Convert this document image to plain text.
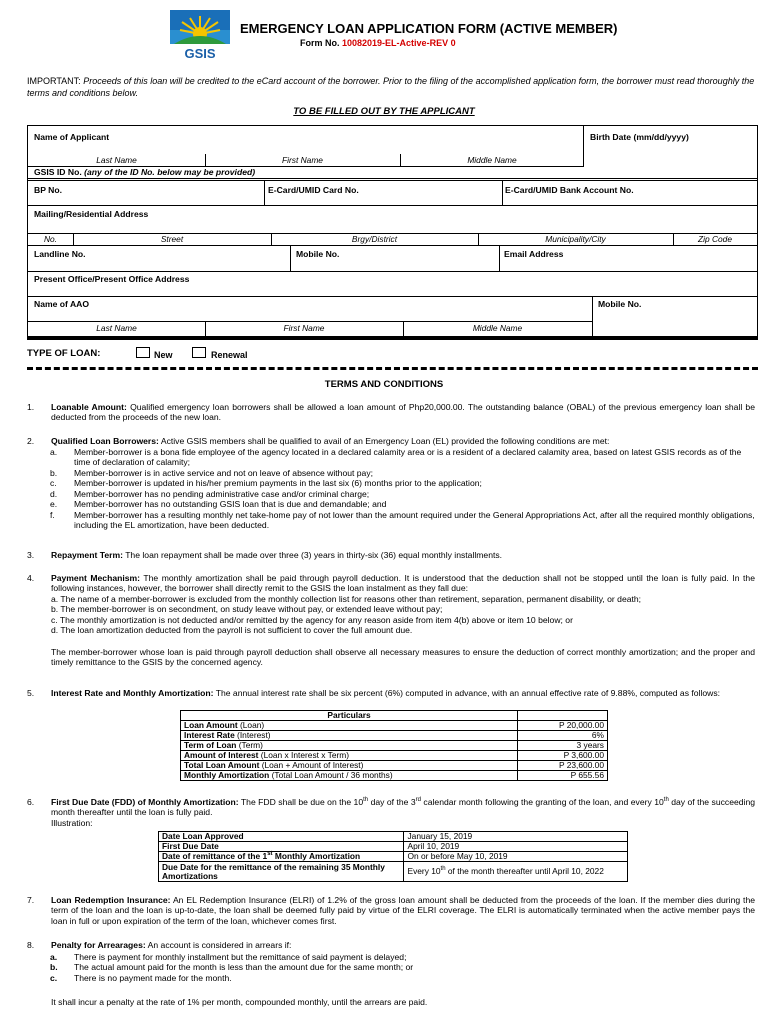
GSIS
EMERGENCY LOAN APPLICATION FORM (ACTIVE MEMBER)
Form No. 10082019-EL-Active-REV 0
IMPORTANT: Proceeds of this loan will be credited to the eCard account of the borrower. Prior to the filing of the accomplished application form, the borrower must read thoroughly the terms and conditions below.
TO BE FILLED OUT BY THE APPLICANT
Name of Applicant	Birth Date (mm/dd/yyyy)
Last Name	First Name	Middle Name
GSIS ID No. (any of the ID No. below may be provided)
BP No.	E-Card/UMID Card No.	E-Card/UMID Bank Account No.
Mailing/Residential Address
No.	Street	Brgy/District	Municipality/City	Zip Code
Landline No.	Mobile No.	Email Address
Present Office/Present Office Address
Name of AAO	Mobile No.
Last Name	First Name	Middle Name
TYPE OF LOAN:	New	Renewal
TERMS AND CONDITIONS
1. Loanable Amount: Qualified emergency loan borrowers shall be allowed a loan amount of Php20,000.00. The outstanding balance (OBAL) of the previous emergency loan shall be deducted from the proceeds of the new loan.
2. Qualified Loan Borrowers: Active GSIS members shall be qualified to avail of an Emergency Loan (EL) provided the following conditions are met:
a. Member-borrower is a bona fide employee of the agency located in a declared calamity area or is a resident of a declared calamity area, based on latest GSIS records as of the time of declaration of calamity;
b. Member-borrower is in active service and not on leave of absence without pay;
c. Member-borrower is updated in his/her premium payments in the last six (6) months prior to the application;
d. Member-borrower has no pending administrative case and/or criminal charge;
e. Member-borrower has no outstanding GSIS loan that is due and demandable; and
f. Member-borrower has a resulting monthly net take-home pay of not lower than the amount required under the General Appropriations Act, after all the required monthly obligations, including the EL amortization, have been deducted.
3. Repayment Term: The loan repayment shall be made over three (3) years in thirty-six (36) equal monthly installments.
4. Payment Mechanism: The monthly amortization shall be paid through payroll deduction. It is understood that the deduction shall not be stopped until the loan is fully paid. In the following instances, however, the borrower shall directly remit to the GSIS the loan instalment as they fall due:
a. The name of a member-borrower is excluded from the monthly collection list for reasons other than retirement, separation, permanent disability, or death;
b. The member-borrower is on secondment, on study leave without pay, or extended leave without pay;
c. The monthly amortization is not deducted and/or remitted by the agency for any reason aside from item 4(b) above or item 10 below; or
d. The loan amortization deducted from the payroll is not sufficient to cover the full amount due.
The member-borrower whose loan is paid through payroll deduction shall observe all necessary measures to ensure the deduction of correct monthly amortization; and the proper and timely remittance to the GSIS by the concerned agency.
5. Interest Rate and Monthly Amortization: The annual interest rate shall be six percent (6%) computed in advance, with an annual effective rate of 9.88%, computed as follows:
Particulars	
Loan Amount (Loan)	P 20,000.00
Interest Rate (Interest)	6%
Term of Loan (Term)	3 years
Amount of Interest (Loan x Interest x Term)	P 3,600.00
Total Loan Amount (Loan + Amount of Interest)	P 23,600.00
Monthly Amortization (Total Loan Amount / 36 months)	P 655.56
6. First Due Date (FDD) of Monthly Amortization: The FDD shall be due on the 10th day of the 3rd calendar month following the granting of the loan, and every 10th day of the succeeding month thereafter until the loan is fully paid.
Illustration:
Date Loan Approved	January 15, 2019
First Due Date	April 10, 2019
Date of remittance of the 1st Monthly Amortization	On or before May 10, 2019
Due Date for the remittance of the remaining 35 Monthly Amortizations	Every 10th of the month thereafter until April 10, 2022
7. Loan Redemption Insurance: An EL Redemption Insurance (ELRI) of 1.2% of the gross loan amount shall be deducted from the proceeds of the loan. If the member dies during the term of the loan and the loan is up-to-date, the loan shall be deemed fully paid by virtue of the ELRI coverage. The ELRI is automatically terminated when the active member pays the loan in full or upon expiration of the term of the loan, whichever comes first.
8. Penalty for Arrearages: An account is considered in arrears if:
a. There is payment for monthly installment but the remittance of said payment is delayed;
b. The actual amount paid for the month is less than the amount due for the same month; or
c. There is no payment made for the month.
It shall incur a penalty at the rate of 1% per month, compounded monthly, until the arrears are paid.
